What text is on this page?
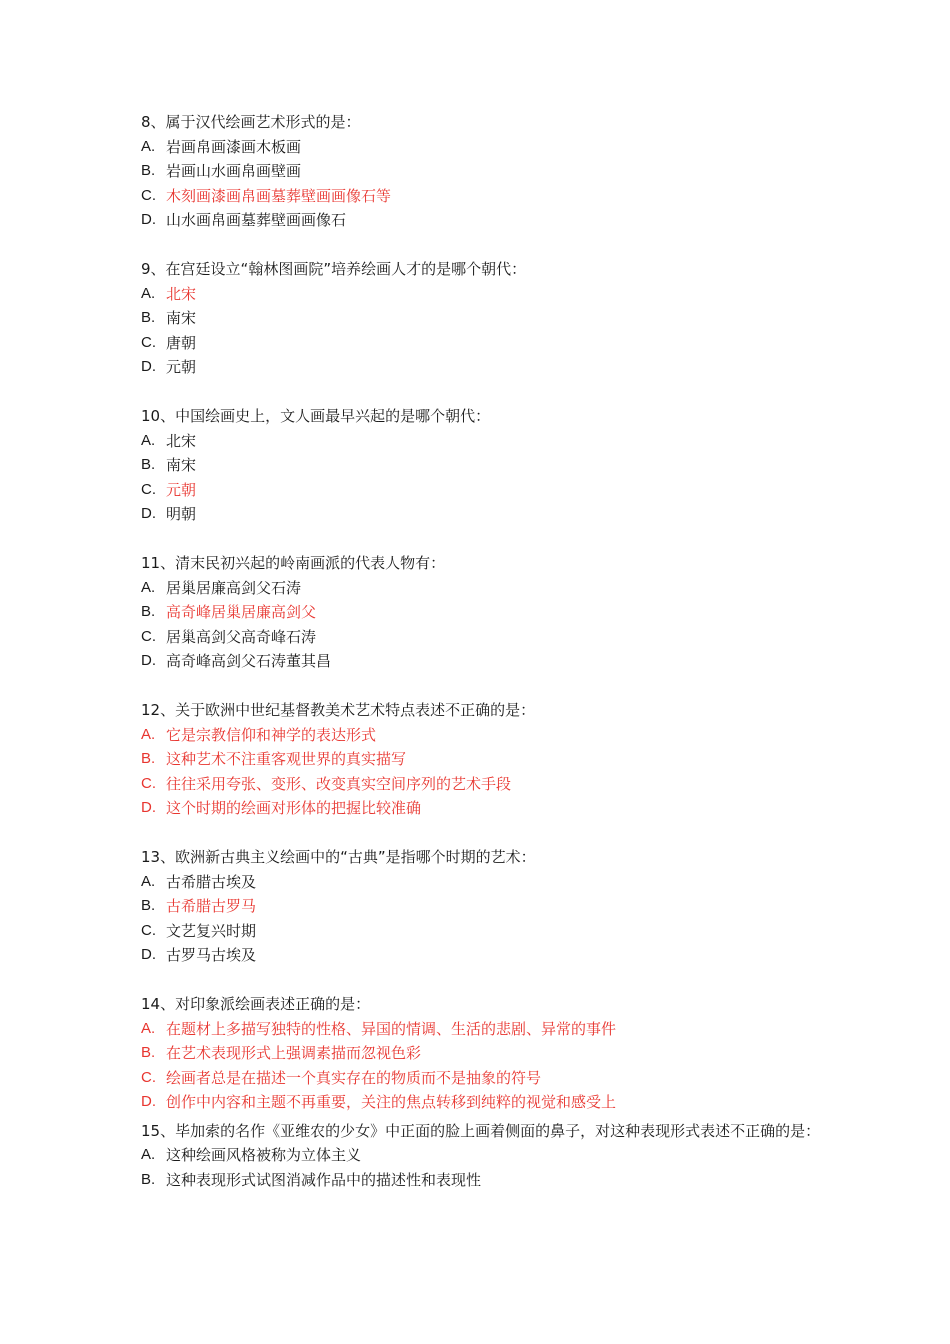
8、属于汉代绘画艺术形式的是：

A. 岩画帛画漆画木板画
B. 岩画山水画帛画壁画
C. 木刻画漆画帛画墓葬壁画画像石等
D. 山水画帛画墓葬壁画画像石

9、在宫廷设立“翰林图画院”培养绘画人才的是哪个朝代：

A. 北宋
B. 南宋
C. 唐朝
D. 元朝

10、中国绘画史上，文人画最早兴起的是哪个朝代：

A. 北宋
B. 南宋
C. 元朝
D. 明朝

11、清末民初兴起的岭南画派的代表人物有：

A. 居巢居廉高剑父石涛
B. 高奇峰居巢居廉高剑父
C. 居巢高剑父高奇峰石涛
D. 高奇峰高剑父石涛董其昌

12、关于欧洲中世纪基督教美术艺术特点表述不正确的是：

A. 它是宗教信仰和神学的表达形式
B. 这种艺术不注重客观世界的真实描写
C. 往往采用夸张、变形、改变真实空间序列的艺术手段
D. 这个时期的绘画对形体的把握比较准确

13、欧洲新古典主义绘画中的“古典”是指哪个时期的艺术：

A. 古希腊古埃及
B. 古希腊古罗马
C. 文艺复兴时期
D. 古罗马古埃及

14、对印象派绘画表述正确的是：

A. 在题材上多描写独特的性格、异国的情调、生活的悲剧、异常的事件
B. 在艺术表现形式上强调素描而忽视色彩
C. 绘画者总是在描述一个真实存在的物质而不是抽象的符号
D. 创作中内容和主题不再重要，关注的焦点转移到纯粹的视觉和感受上

15、毕加索的名作《亚维农的少女》中正面的脸上画着侧面的鼻子，对这种表现形式表述不正确的是：

A. 这种绘画风格被称为立体主义
B. 这种表现形式试图消减作品中的描述性和表现性
